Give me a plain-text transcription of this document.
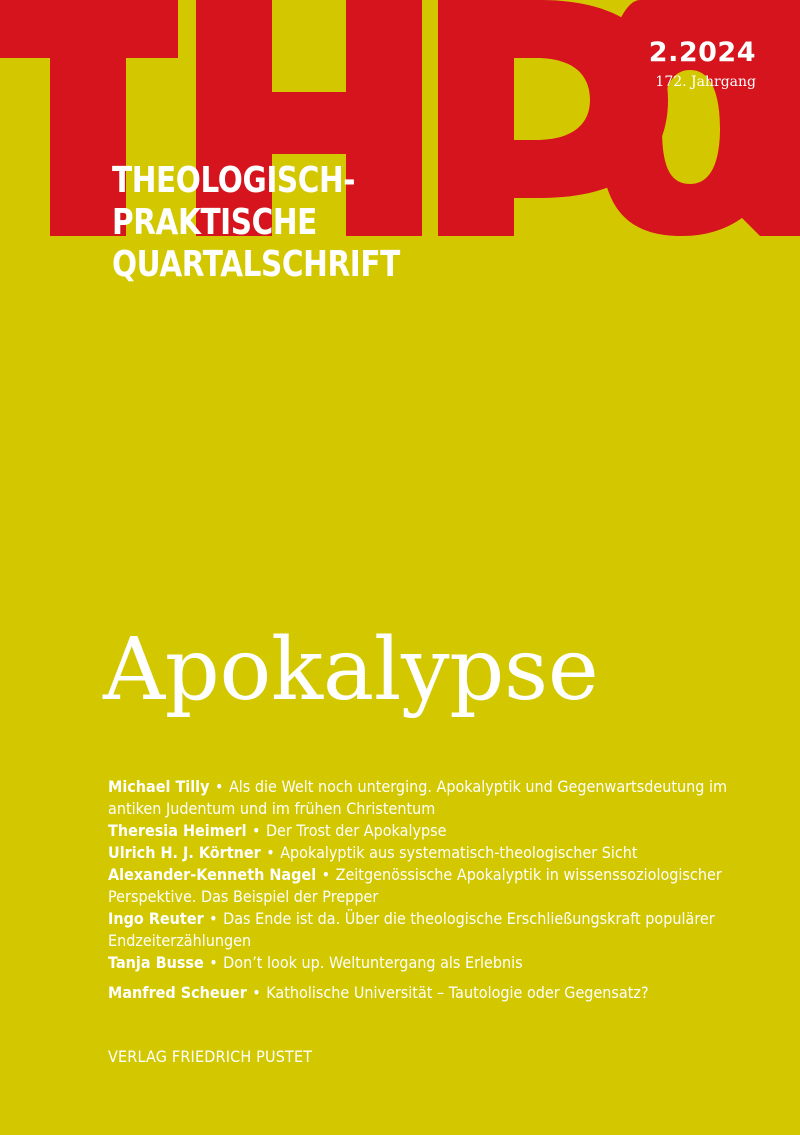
THEOLOGISCH-
PRAKTISCHE
QUARTALSCHRIFT
2.2024
172. Jahrgang
Apokalypse

Michael Tilly • Als die Welt noch unterging. Apokalyptik und Gegenwartsdeutung im antiken Judentum und im frühen Christentum

Theresia Heimerl • Der Trost der Apokalypse

Ulrich H. J. Körtner • Apokalyptik aus systematisch-theologischer Sicht

Alexander-Kenneth Nagel • Zeitgenössische Apokalyptik in wissenssoziologischer Perspektive. Das Beispiel der Prepper

Ingo Reuter • Das Ende ist da. Über die theologische Erschließungskraft populärer Endzeiterzählungen

Tanja Busse • Don’t look up. Weltuntergang als Erlebnis

Manfred Scheuer • Katholische Universität – Tautologie oder Gegensatz?

VERLAG FRIEDRICH PUSTET
